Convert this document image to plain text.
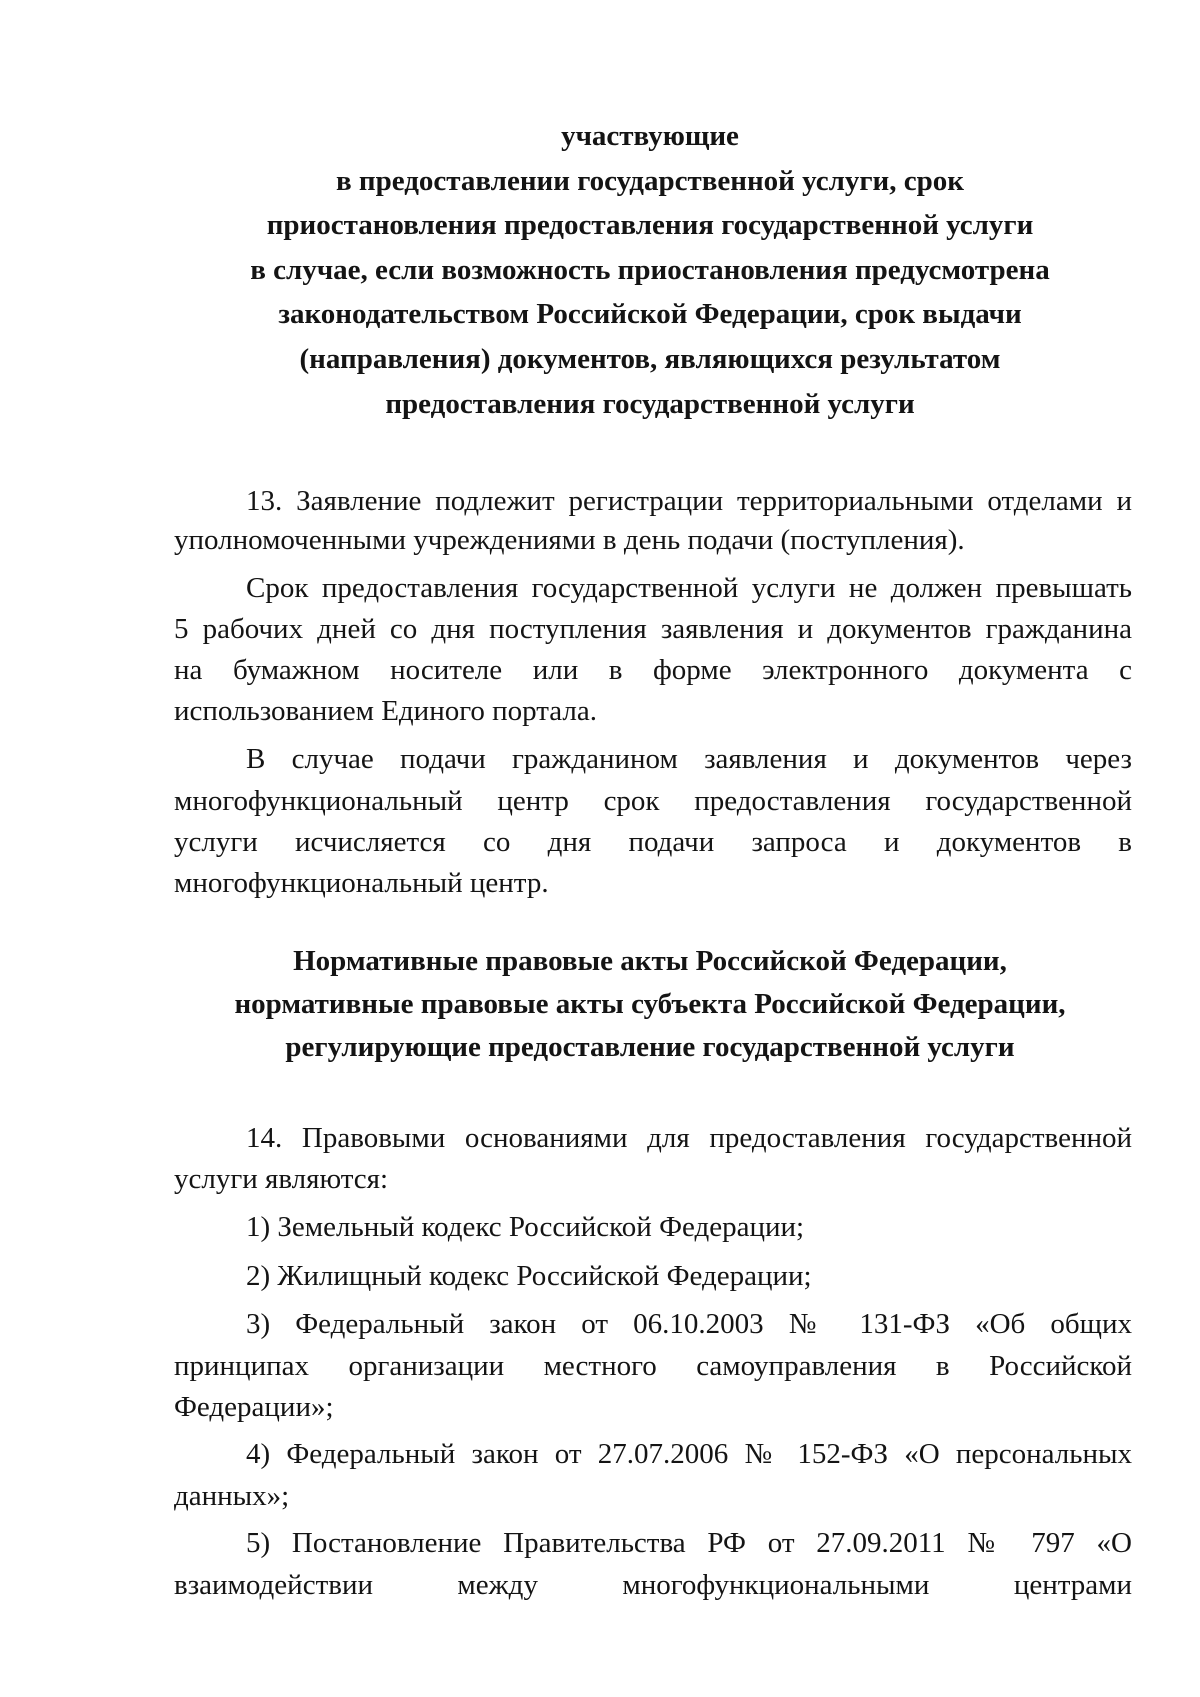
участвующие
в предоставлении государственной услуги, срок
приостановления предоставления государственной услуги
в случае, если возможность приостановления предусмотрена
законодательством Российской Федерации, срок выдачи
(направления) документов, являющихся результатом
предоставления государственной услуги

13. Заявление подлежит регистрации территориальными отделами и

уполномоченными учреждениями в день подачи (поступления).

Срок предоставления государственной услуги не должен превышать

5 рабочих дней со дня поступления заявления и документов гражданина

на бумажном носителе или в форме электронного документа с

использованием Единого портала.

В случае подачи гражданином заявления и документов через

многофункциональный центр срок предоставления государственной

услуги исчисляется со дня подачи запроса и документов в

многофункциональный центр.

Нормативные правовые акты Российской Федерации,
нормативные правовые акты субъекта Российской Федерации,
регулирующие предоставление государственной услуги

14. Правовыми основаниями для предоставления государственной

услуги являются:

1) Земельный кодекс Российской Федерации;

2) Жилищный кодекс Российской Федерации;

3) Федеральный закон от 06.10.2003 № 131-ФЗ «Об общих

принципах организации местного самоуправления в Российской

Федерации»;

4) Федеральный закон от 27.07.2006 № 152-ФЗ «О персональных

данных»;

5) Постановление Правительства РФ от 27.09.2011 № 797 «О

взаимодействии между многофункциональными центрами
